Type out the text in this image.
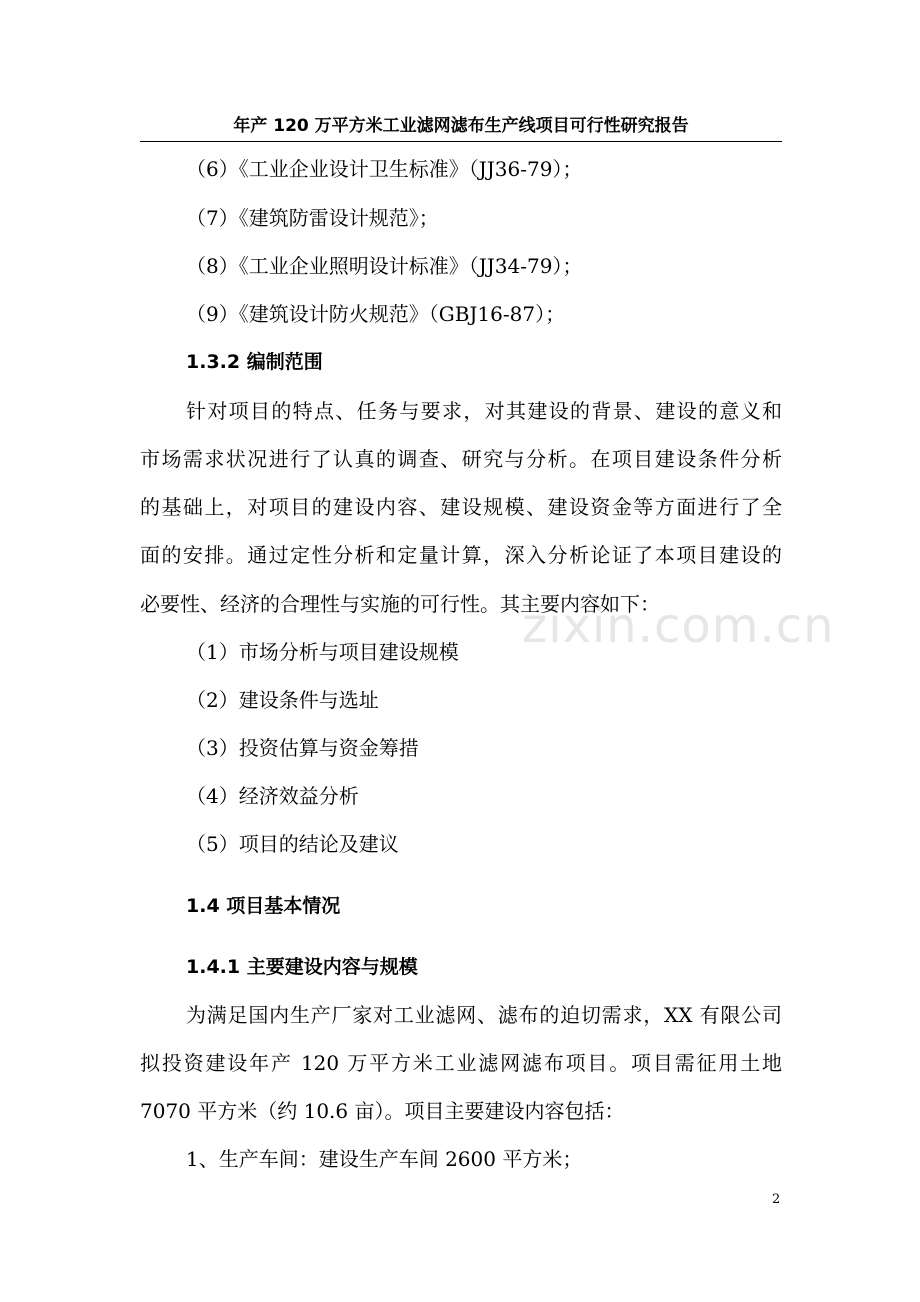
年产 120 万平方米工业滤网滤布生产线项目可行性研究报告
zixin.com.cn
（6）《工业企业设计卫生标准》（JJ36-79）；
（7）《建筑防雷设计规范》；
（8）《工业企业照明设计标准》（JJ34-79）；
（9）《建筑设计防火规范》（GBJ16-87）；
1.3.2 编制范围
针对项目的特点、任务与要求，对其建设的背景、建设的意义和
市场需求状况进行了认真的调查、研究与分析。在项目建设条件分析
的基础上，对项目的建设内容、建设规模、建设资金等方面进行了全
面的安排。通过定性分析和定量计算，深入分析论证了本项目建设的
必要性、经济的合理性与实施的可行性。其主要内容如下：
（1）市场分析与项目建设规模
（2）建设条件与选址
（3）投资估算与资金筹措
（4）经济效益分析
（5）项目的结论及建议
1.4 项目基本情况
1.4.1 主要建设内容与规模
为满足国内生产厂家对工业滤网、滤布的迫切需求，XX 有限公司
拟投资建设年产 120 万平方米工业滤网滤布项目。项目需征用土地
7070 平方米（约 10.6 亩）。项目主要建设内容包括：
1、生产车间：建设生产车间 2600 平方米；
2
